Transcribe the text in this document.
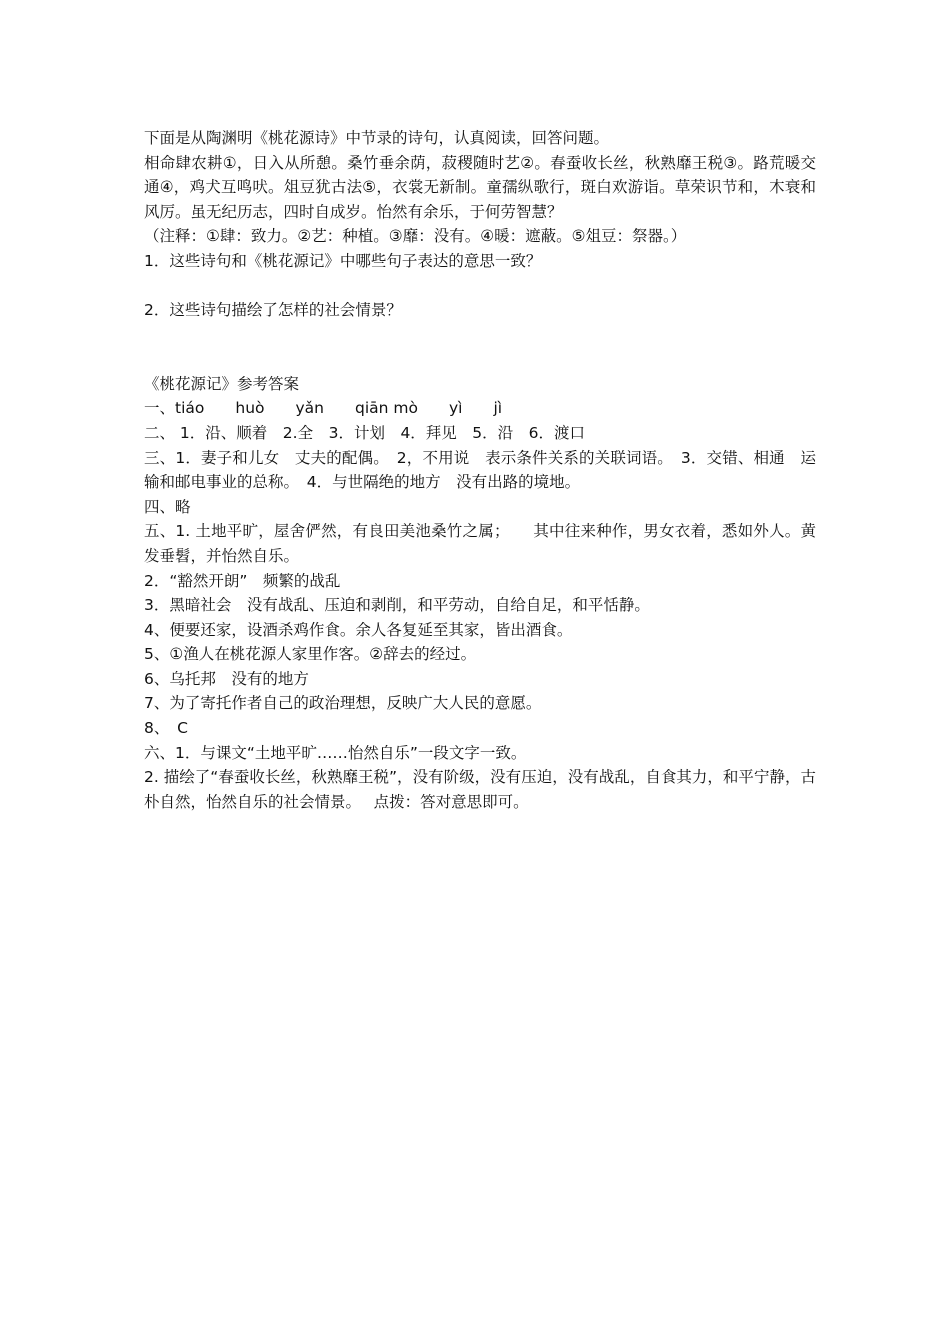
下面是从陶渊明《桃花源诗》中节录的诗句，认真阅读，回答问题。

相命肆农耕①，日入从所憩。桑竹垂余荫，菽稷随时艺②。春蚕收长丝，秋熟靡王税③。路荒暖交通④，鸡犬互鸣吠。俎豆犹古法⑤，衣裳无新制。童孺纵歌行，斑白欢游诣。草荣识节和，木衰和风厉。虽无纪历志，四时自成岁。怡然有余乐，于何劳智慧？

（注释：①肆：致力。②艺：种植。③靡：没有。④暖：遮蔽。⑤俎豆：祭器。）

1．这些诗句和《桃花源记》中哪些句子表达的意思一致？

2．这些诗句描绘了怎样的社会情景？

《桃花源记》参考答案

一、tiáo　　huò　　yǎn　　qiān mò　　yì　　jì

二、 1．沿、顺着　2.全　3．计划　4．拜见　5．沿　6．渡口

三、1．妻子和儿女　丈夫的配偶。　2，不用说　表示条件关系的关联词语。　3．交错、相通　运输和邮电事业的总称。　4．与世隔绝的地方　没有出路的境地。

四、略

五、1. 土地平旷，屋舍俨然，有良田美池桑竹之属；　　其中往来种作，男女衣着，悉如外人。黄发垂髫，并怡然自乐。

2．“豁然开朗”　频繁的战乱

3．黑暗社会　没有战乱、压迫和剥削，和平劳动，自给自足，和平恬静。

4、便要还家，设酒杀鸡作食。余人各复延至其家，皆出酒食。

5、①渔人在桃花源人家里作客。②辞去的经过。

6、乌托邦　没有的地方

7、为了寄托作者自己的政治理想，反映广大人民的意愿。

8、　C

六、1．与课文“土地平旷……怡然自乐”一段文字一致。

2. 描绘了“春蚕收长丝，秋熟靡王税”，没有阶级，没有压迫，没有战乱，自食其力，和平宁静，古朴自然，怡然自乐的社会情景。　 点拨：答对意思即可。
